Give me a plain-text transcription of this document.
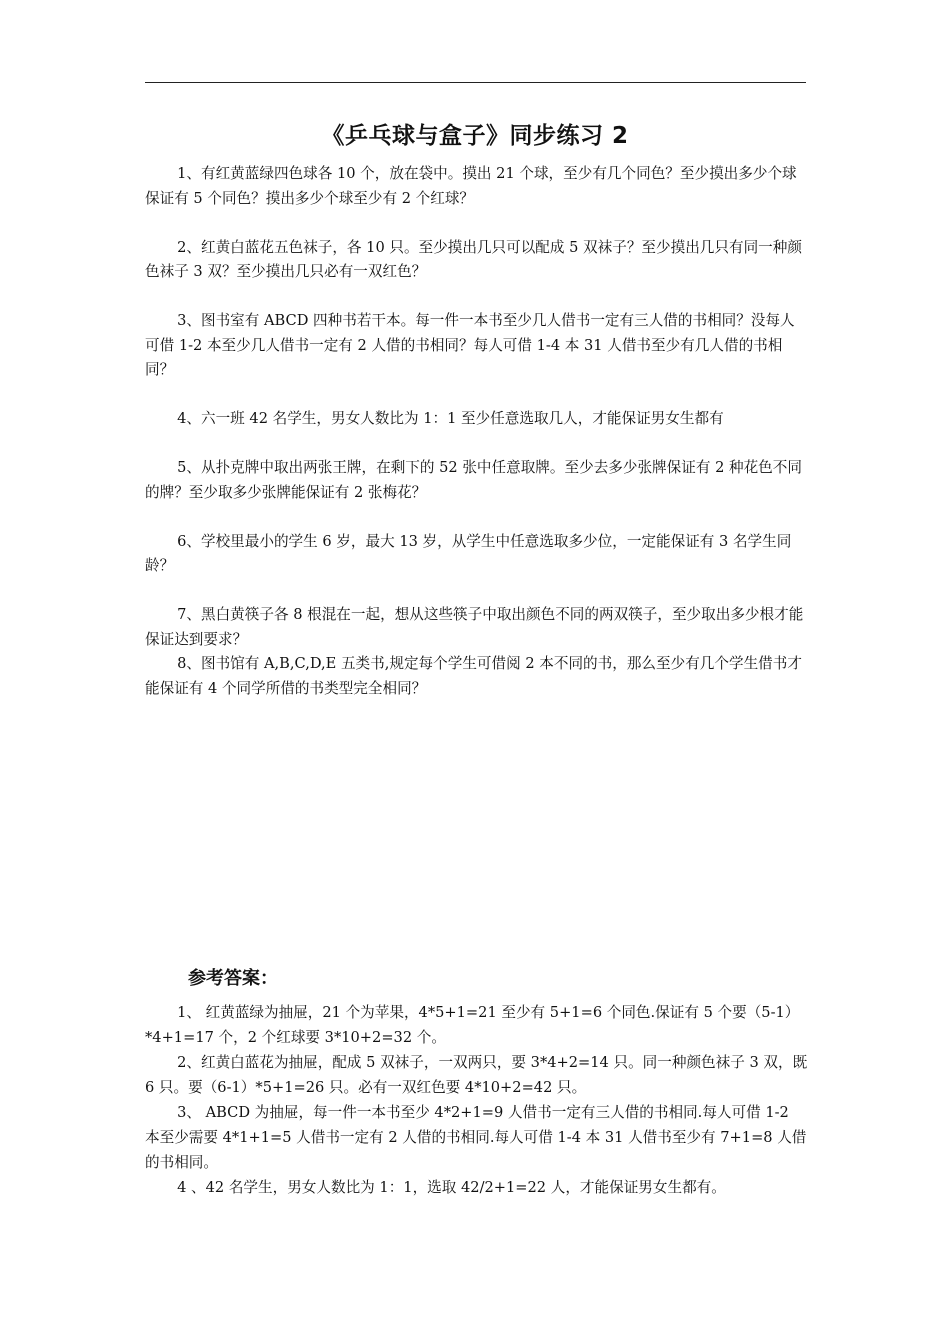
《乒乓球与盒子》同步练习 2

1、有红黄蓝绿四色球各 10 个，放在袋中。摸出 21 个球，至少有几个同色？至少摸出多少个球保证有 5 个同色？摸出多少个球至少有 2 个红球？

2、红黄白蓝花五色袜子，各 10 只。至少摸出几只可以配成 5 双袜子？至少摸出几只有同一种颜色袜子 3 双？至少摸出几只必有一双红色？

3、图书室有 ABCD 四种书若干本。每一件一本书至少几人借书一定有三人借的书相同？没每人可借 1-2 本至少几人借书一定有 2 人借的书相同？每人可借 1-4 本 31 人借书至少有几人借的书相同？

4、六一班 42 名学生，男女人数比为 1：1 至少任意选取几人，才能保证男女生都有

5、从扑克牌中取出两张王牌，在剩下的 52 张中任意取牌。至少去多少张牌保证有 2 种花色不同的牌？至少取多少张牌能保证有 2 张梅花？

6、学校里最小的学生 6 岁，最大 13 岁，从学生中任意选取多少位，一定能保证有 3 名学生同龄？

7、黑白黄筷子各 8 根混在一起，想从这些筷子中取出颜色不同的两双筷子，至少取出多少根才能保证达到要求？

8、图书馆有 A,B,C,D,E 五类书,规定每个学生可借阅 2 本不同的书，那么至少有几个学生借书才能保证有 4 个同学所借的书类型完全相同？

参考答案：

1、 红黄蓝绿为抽屉，21 个为苹果，4*5+1=21 至少有 5+1=6 个同色.保证有 5 个要（5-1）*4+1=17 个，2 个红球要 3*10+2=32 个。

2、红黄白蓝花为抽屉，配成 5 双袜子，一双两只，要 3*4+2=14 只。同一种颜色袜子 3 双，既 6 只。要（6-1）*5+1=26 只。必有一双红色要 4*10+2=42 只。

3、 ABCD 为抽屉，每一件一本书至少 4*2+1=9 人借书一定有三人借的书相同.每人可借 1-2 本至少需要 4*1+1=5 人借书一定有 2 人借的书相同.每人可借 1-4 本 31 人借书至少有 7+1=8 人借的书相同。

4 、42 名学生，男女人数比为 1：1，选取 42/2+1=22 人，才能保证男女生都有。
